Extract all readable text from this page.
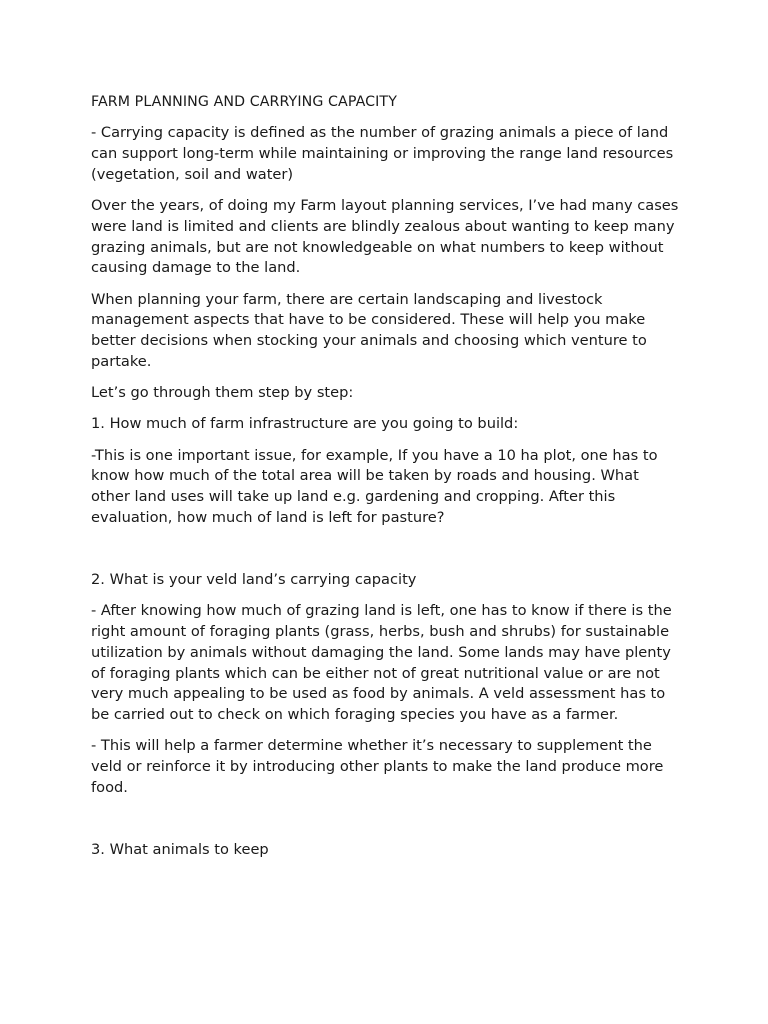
FARM PLANNING AND CARRYING CAPACITY

- Carrying capacity is defined as the number of grazing animals a piece of land can support long-term while maintaining or improving the range land resources (vegetation, soil and water)

Over the years, of doing my Farm layout planning services, I’ve had many cases were land is limited and clients are blindly zealous about wanting to keep many grazing animals, but are not knowledgeable on what numbers to keep without causing damage to the land.

When planning your farm, there are certain landscaping and livestock management aspects that have to be considered. These will help you make better decisions when stocking your animals and choosing which venture to partake.

Let’s go through them step by step:

1. How much of farm infrastructure are you going to build:

-This is one important issue, for example, If you have a 10 ha plot, one has to know how much of the total area will be taken by roads and housing. What other land uses will take up land e.g. gardening and cropping. After this evaluation, how much of land is left for pasture?

2. What is your veld land’s carrying capacity

- After knowing how much of grazing land is left, one has to know if there is the right amount of foraging plants (grass, herbs, bush and shrubs) for sustainable utilization by animals without damaging the land. Some lands may have plenty of foraging plants which can be either not of great nutritional value or are not very much appealing to be used as food by animals. A veld assessment has to be carried out to check on which foraging species you have as a farmer.

- This will help a farmer determine whether it’s necessary to supplement the veld or reinforce it by introducing other plants to make the land produce more food.

3. What animals to keep
